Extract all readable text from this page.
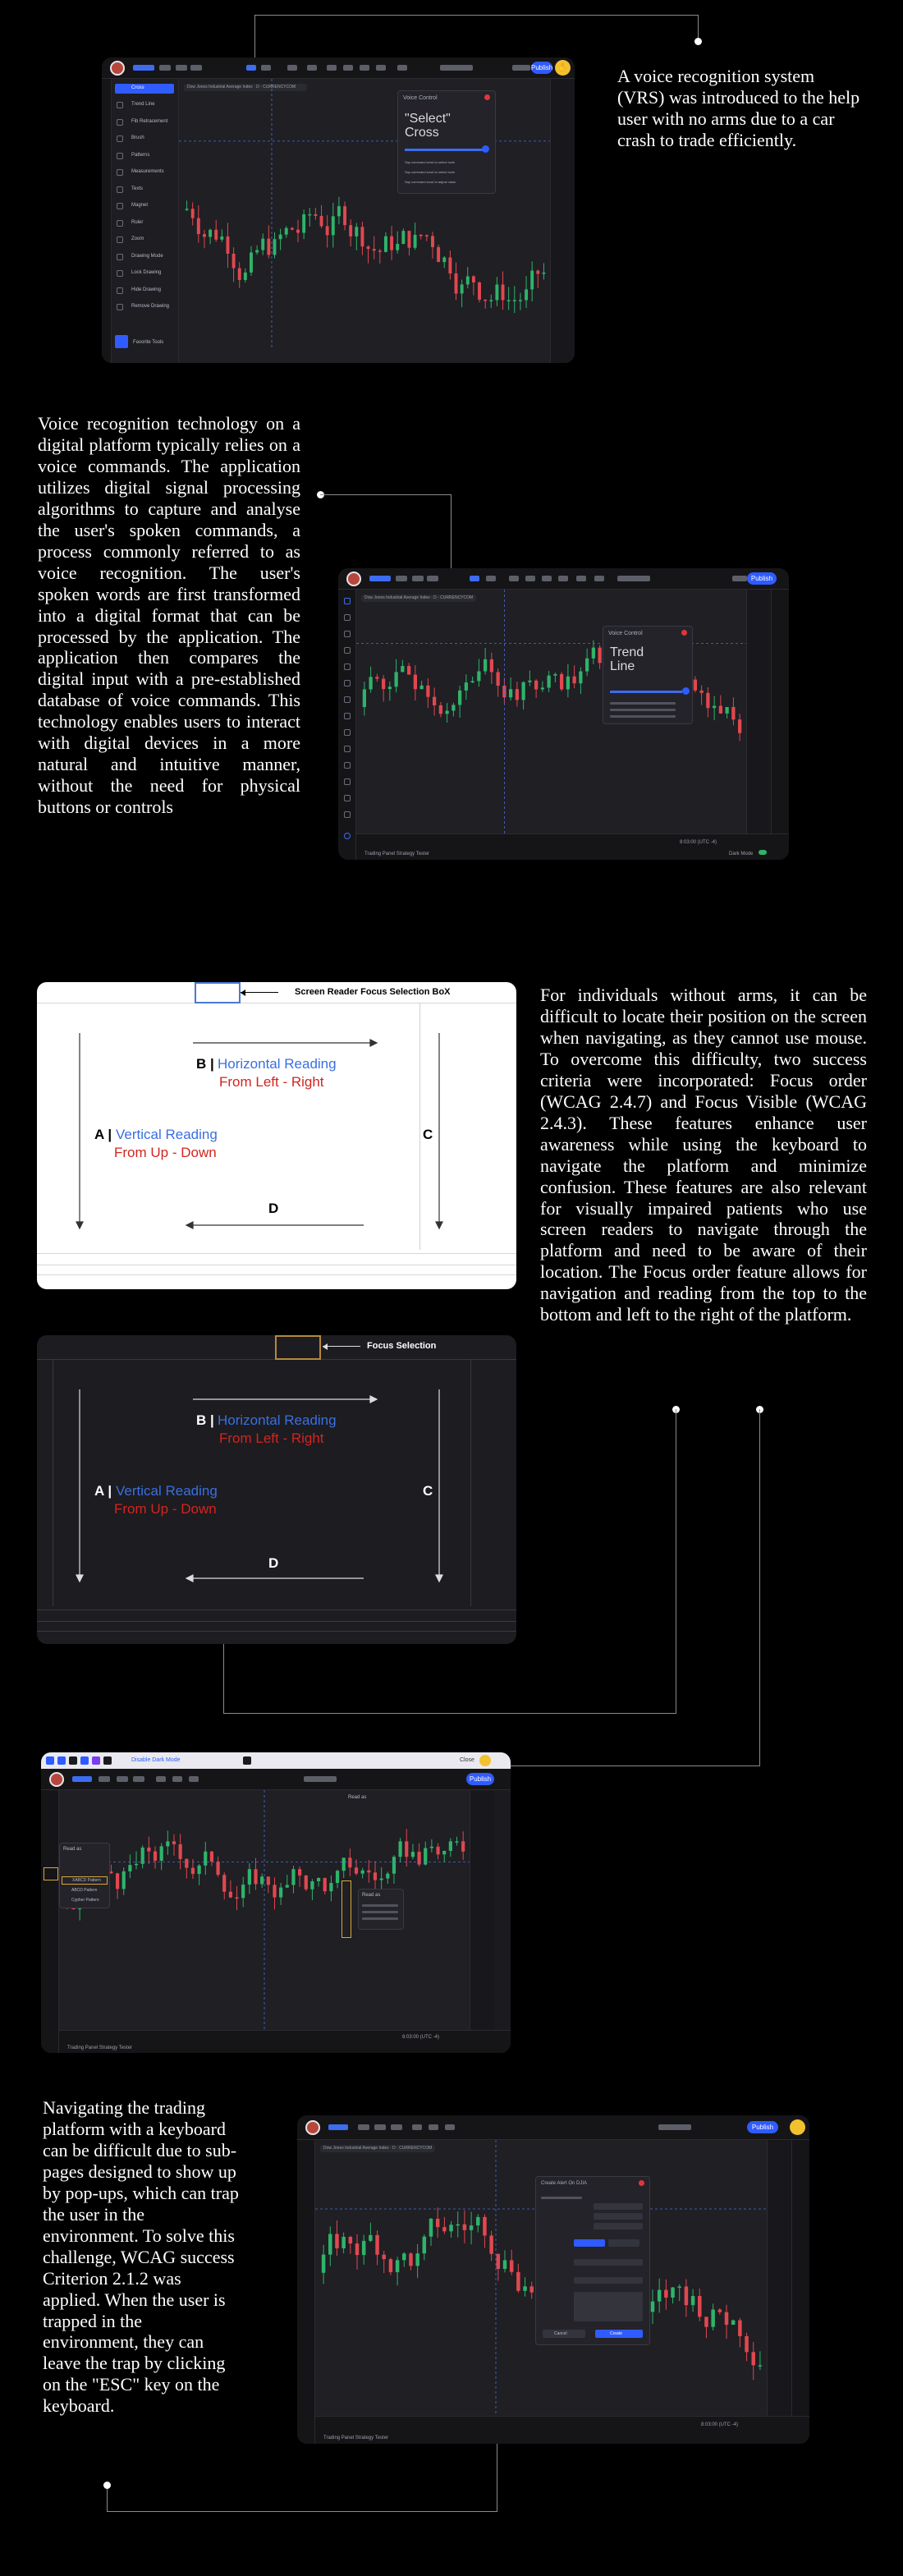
Publish ✋
Cross
Trend Line
Fib Retracement
Brush
Patterns
Measurements
Texts
Magnet
Ruler
Zoom
Drawing Mode
Lock Drawing
Hide Drawing
Remove Drawing
Favorite Tools
Dow Jones Industrial Average Index · D · CURRENCYCOM
Voice Control
"Select" Cross
Say command word to select tools
Say command word to select tools
Say command word to adjust value
A voice recognition system (VRS) was introduced to the help user with no arms due to a car crash to trade efficiently.
Voice recognition technology on a digital platform typically relies on a voice commands. The application utilizes digital signal processing algorithms to capture and analyse the user's spoken commands, a process commonly referred to as voice recognition. The user's spoken words are first transformed into a digital format that can be processed by the application. The application then compares the digital input with a pre-established database of voice commands. This technology enables users to interact with digital devices in a more natural and intuitive manner, without the need for physical buttons or controls
Publish
Dow Jones Industrial Average Index · D · CURRENCYCOM
Voice Control
Trend Line
Trading Panel Strategy Tester
8:03:00 (UTC -4)
Dark Mode
Screen Reader Focus Selection BoX
B | Horizontal Reading
From Left - Right
A | Vertical Reading
From Up - Down
C
D
For individuals without arms, it can be difficult to locate their position on the screen when navigating, as they cannot use mouse. To overcome this difficulty, two success criteria were incorporated: Focus order (WCAG 2.4.7) and Focus Visible (WCAG 2.4.3). These features enhance user awareness while using the keyboard to navigate the platform and minimize confusion. These features are also relevant for visually impaired patients who use screen readers to navigate through the platform and need to be aware of their location. The Focus order feature allows for navigation and reading from the top to the bottom and left to the right of the platform.
Focus Selection
B | Horizontal Reading
From Left - Right
A | Vertical Reading
From Up - Down
C
D
Disable Dark Mode	Close
Publish
Read as
XABCD Pattern
ABCD Pattern
Cypher Pattern
Read as
Read as
8:03:00 (UTC -4)
Trading Panel Strategy Tester
Navigating the trading platform with a keyboard can be difficult due to sub-pages designed to show up by pop-ups, which can trap the user in the environment. To solve this challenge, WCAG success Criterion 2.1.2 was applied. When the user is trapped in the environment, they can leave the trap by clicking on the "ESC" key on the keyboard.
Publish
Dow Jones Industrial Average Index · D · CURRENCYCOM
Create Alert On DJIA
Cancel	Create
8:03:00 (UTC -4)
Trading Panel Strategy Tester
